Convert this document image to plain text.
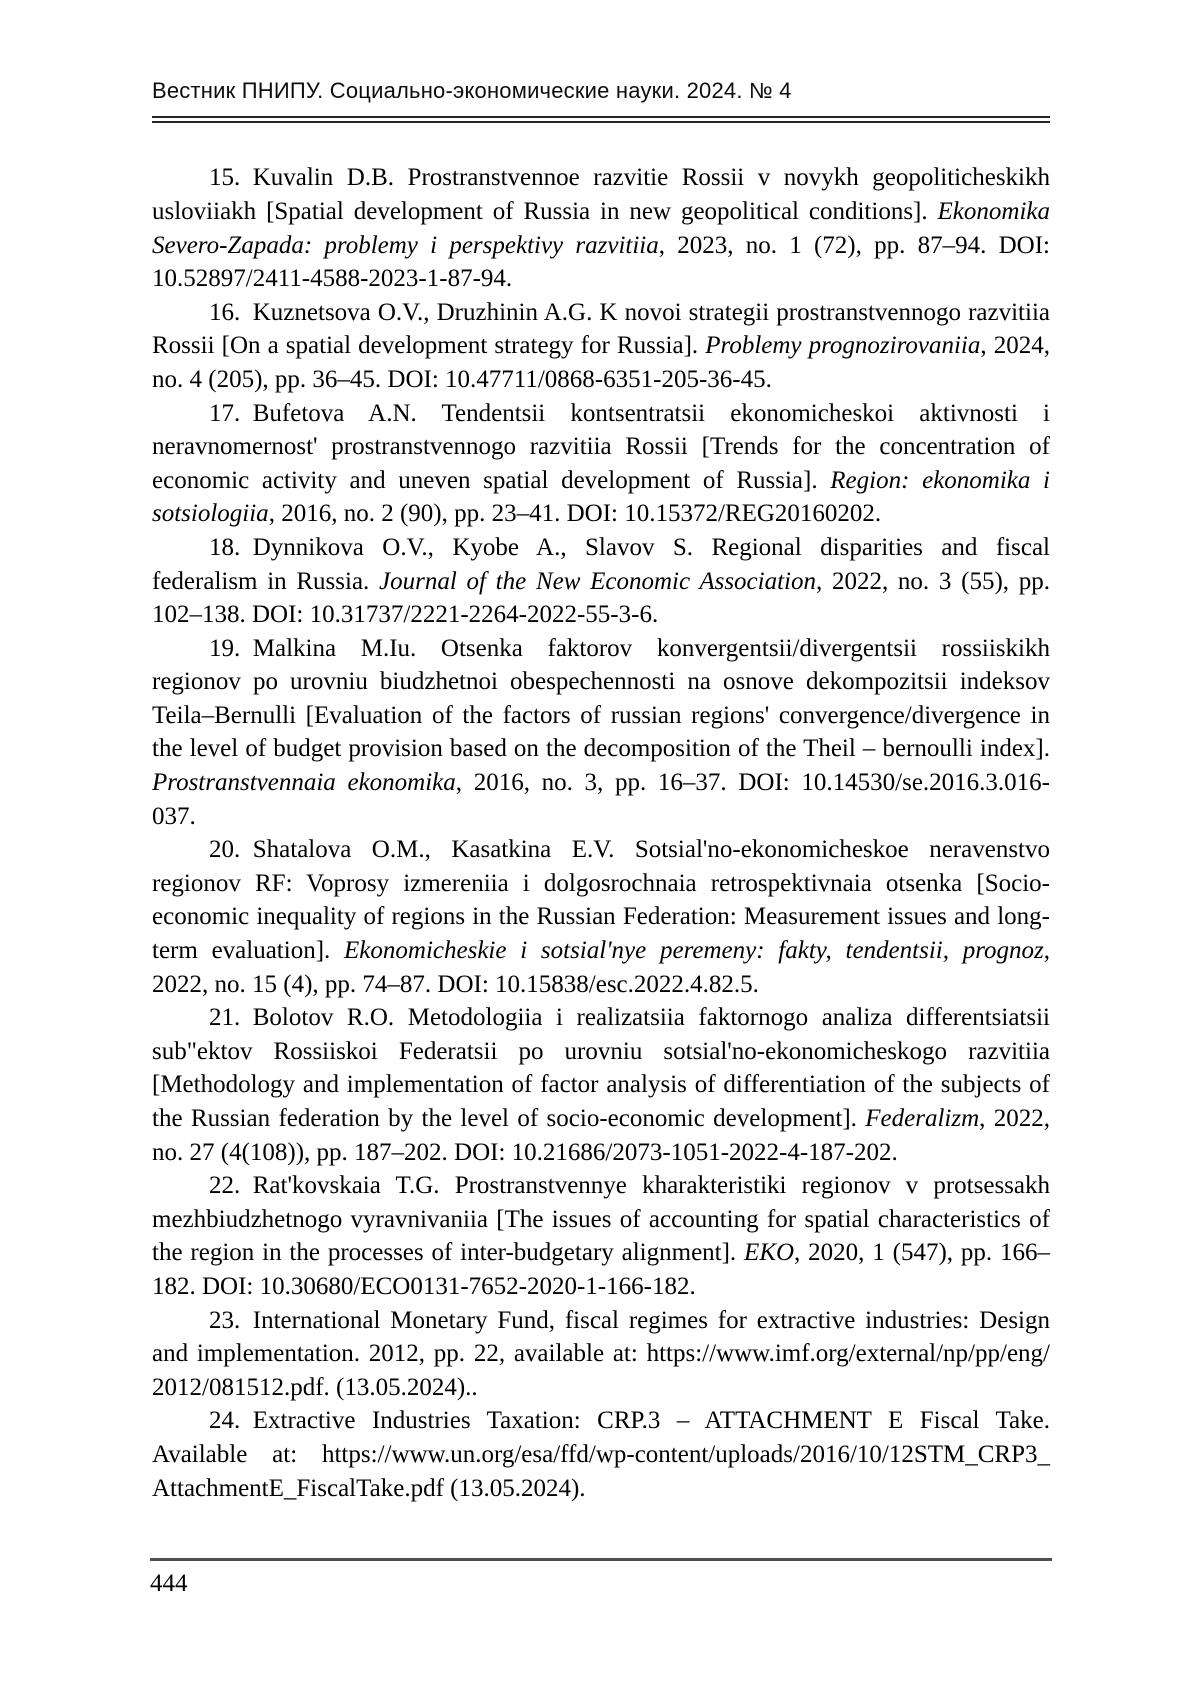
Вестник ПНИПУ. Социально-экономические науки. 2024. № 4

15. Kuvalin D.B. Prostranstvennoe razvitie Rossii v novykh geopoliticheskikh usloviiakh [Spatial development of Russia in new geopolitical conditions]. Ekonomika Severo-Zapada: problemy i perspektivy razvitiia, 2023, no. 1 (72), pp. 87–94. DOI: 10.52897/​2411-4588-2023-1-87-94.

16. Kuznetsova O.V., Druzhinin A.G. K novoi strategii prostranstvennogo razvitiia Rossii [On a spatial development strategy for Russia]. Problemy prognozirovaniia, 2024, no. 4 (205), pp. 36–45. DOI: 10.47711/​0868-6351-205-36-45.

17. Bufetova A.N. Tendentsii kontsentratsii ekonomicheskoi aktivnosti i neravnomernost' prostranstvennogo razvitiia Rossii [Trends for the concentration of economic activity and uneven spatial development of Russia]. Region: ekonomika i sotsiologiia, 2016, no. 2 (90), pp. 23–41. DOI: 10.15372/​REG20160202.

18. Dynnikova O.V., Kyobe A., Slavov S. Regional disparities and fiscal federalism in Russia. Journal of the New Economic Association, 2022, no. 3 (55), pp. 102–138. DOI: 10.31737/​2221-2264-2022-55-3-6.

19. Malkina M.Iu. Otsenka faktorov konvergentsii/​divergentsii rossiiskikh regionov po urovniu biudzhetnoi obespechennosti na osnove dekompozitsii indeksov Teila–Bernulli [Evaluation of the factors of russian regions' convergence/​divergence in the level of budget provision based on the decomposition of the Theil – bernoulli index]. Prostranstvennaia ekonomika, 2016, no. 3, pp. 16–37. DOI: 10.14530/​se.2016.3.016-037.

20. Shatalova O.M., Kasatkina E.V. Sotsial'no-ekonomicheskoe neravenstvo regionov RF: Voprosy izmereniia i dolgosrochnaia retrospektivnaia otsenka [Socio-economic inequality of regions in the Russian Federation: Measurement issues and long-term evaluation]. Ekonomicheskie i sotsial'nye peremeny: fakty, tendentsii, prognoz, 2022, no. 15 (4), pp. 74–87. DOI: 10.15838/​esc.2022.4.82.5.

21. Bolotov R.O. Metodologiia i realizatsiia faktornogo analiza differentsiatsii sub"ektov Rossiiskoi Federatsii po urovniu sotsial'no-ekonomicheskogo razvitiia [Methodology and implementation of factor analysis of differentiation of the subjects of the Russian federation by the level of socio-economic development]. Federalizm, 2022, no. 27 (4(108)), pp. 187–202. DOI: 10.21686/​2073-1051-2022-4-187-202.

22. Rat'kovskaia T.G. Prostranstvennye kharakteristiki regionov v protsessakh mezhbiudzhetnogo vyravnivaniia [The issues of accounting for spatial characteristics of the region in the processes of inter-budgetary alignment]. EKO, 2020, 1 (547), pp. 166–182. DOI: 10.30680/​ECO0131-7652-2020-1-166-182.

23. International Monetary Fund, fiscal regimes for extractive industries: Design and implementation. 2012, pp. 22, available at: https:/​/​www.imf.org/​external/​np/​pp/​eng/​2012/​081512.pdf. (13.05.2024)..

24. Extractive Industries Taxation: CRP.3 – ATTACHMENT E Fiscal Take. Available at: https:/​/​www.un.org/​esa/​ffd/​wp-content/​uploads/​2016/​10/​12STM_​CRP3_​AttachmentE_​FiscalTake.pdf (13.05.2024).

444
